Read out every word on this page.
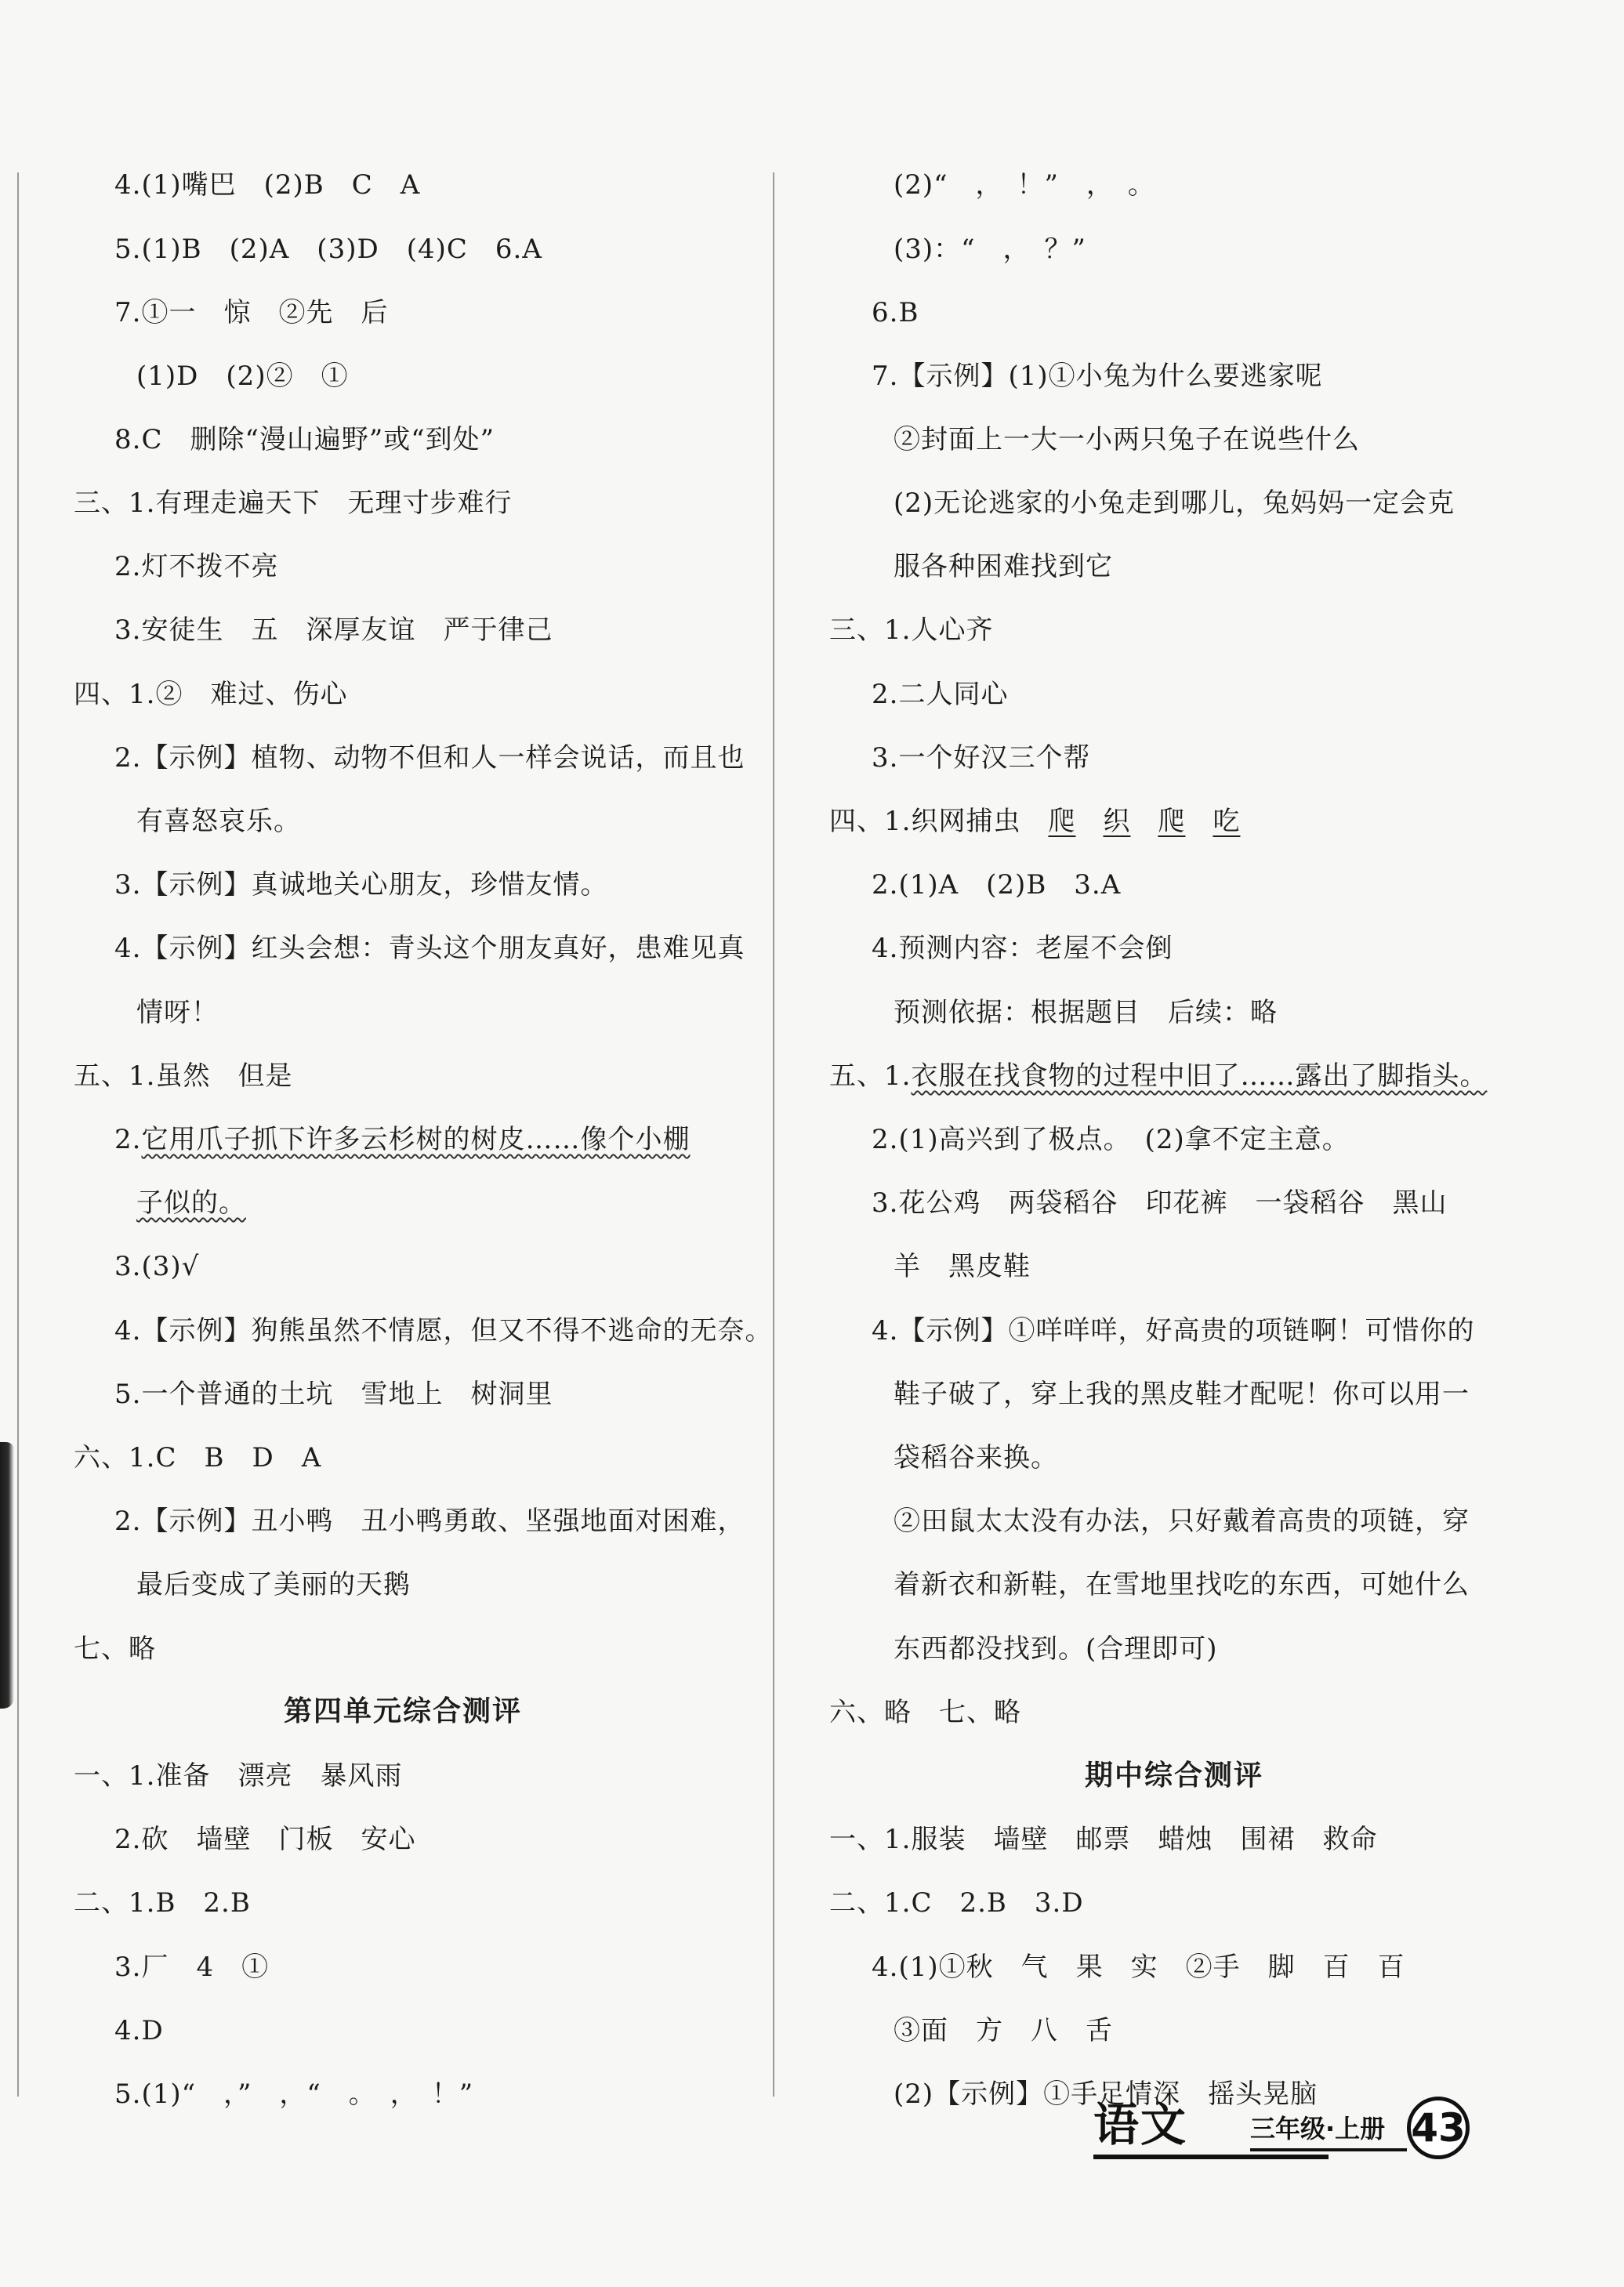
4.(1)嘴巴　(2)B　C　A
5.(1)B　(2)A　(3)D　(4)C　6.A
7.①一　惊　②先　后
(1)D　(2)②　①
8.C　删除“漫山遍野”或“到处”
三、1.有理走遍天下　无理寸步难行
2.灯不拨不亮
3.安徒生　五　深厚友谊　严于律己
四、1.②　难过、伤心
2.【示例】植物、动物不但和人一样会说话，而且也
有喜怒哀乐。
3.【示例】真诚地关心朋友，珍惜友情。
4.【示例】红头会想：青头这个朋友真好，患难见真
情呀！
五、1.虽然　但是
2.它用爪子抓下许多云杉树的树皮……像个小棚
子似的。
3.(3)√
4.【示例】狗熊虽然不情愿，但又不得不逃命的无奈。
5.一个普通的土坑　雪地上　树洞里
六、1.C　B　D　A
2.【示例】丑小鸭　丑小鸭勇敢、坚强地面对困难，
最后变成了美丽的天鹅
七、略
第四单元综合测评
一、1.准备　漂亮　暴风雨
2.砍　墙壁　门板　安心
二、1.B　2.B
3.厂　4　①
4.D
5.(1)“　，”　，“　。　，　！”
(2)“　，　！”　，　。
(3)：“　，　？”
6.B
7.【示例】(1)①小兔为什么要逃家呢
②封面上一大一小两只兔子在说些什么
(2)无论逃家的小兔走到哪儿，兔妈妈一定会克
服各种困难找到它
三、1.人心齐
2.二人同心
3.一个好汉三个帮
四、1.织网捕虫　爬　 织　 爬　 吃
2.(1)A　(2)B　3.A
4.预测内容：老屋不会倒
预测依据：根据题目　后续：略
五、1.衣服在找食物的过程中旧了……露出了脚指头。
2.(1)高兴到了极点。　(2)拿不定主意。
3.花公鸡　两袋稻谷　印花裤　一袋稻谷　黑山
羊　黑皮鞋
4.【示例】①咩咩咩，好高贵的项链啊！可惜你的
鞋子破了，穿上我的黑皮鞋才配呢！你可以用一
袋稻谷来换。
②田鼠太太没有办法，只好戴着高贵的项链，穿
着新衣和新鞋，在雪地里找吃的东西，可她什么
东西都没找到。(合理即可)
六、略　七、略
期中综合测评
一、1.服装　墙壁　邮票　蜡烛　围裙　救命
二、1.C　2.B　3.D
4.(1)①秋　气　果　实　②手　脚　百　百
③面　方　八　舌
(2)【示例】①手足情深　摇头晃脑
语文 三年级·上册 43
